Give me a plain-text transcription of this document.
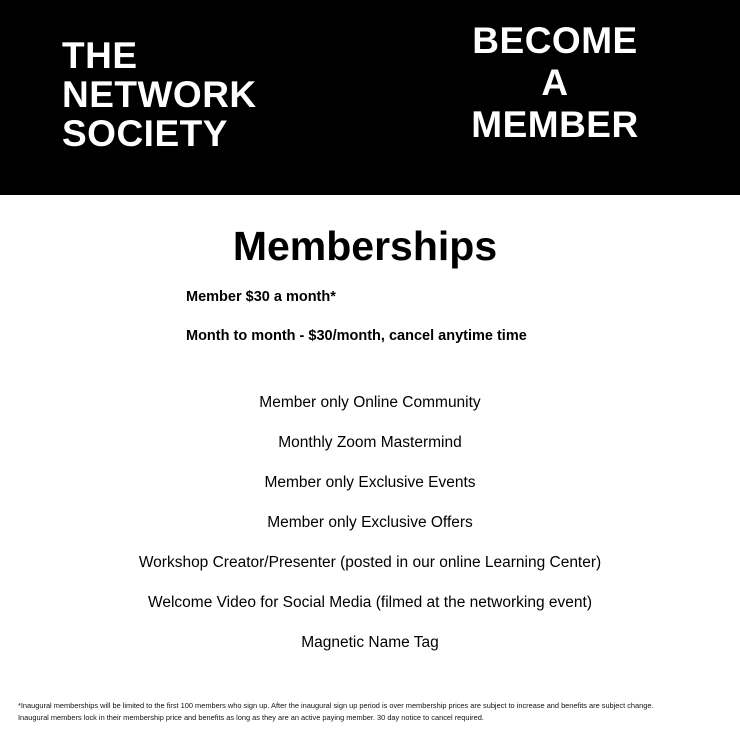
THE
NETWORK
SOCIETY
BECOME
A
MEMBER
Memberships

Member $30 a month*

Month to month - $30/month, cancel anytime time

Member only Online Community
Monthly Zoom Mastermind
Member only Exclusive Events
Member only Exclusive Offers
Workshop Creator/Presenter (posted in our online Learning Center)
Welcome Video for Social Media (filmed at the networking event)
Magnetic Name Tag

*Inaugural memberships will be limited to the first 100 members who sign up. After the inaugural sign up period is over membership prices are subject to increase and benefits are subject change.
Inaugural members lock in their membership price and benefits as long as they are an active paying member. 30 day notice to cancel required.
